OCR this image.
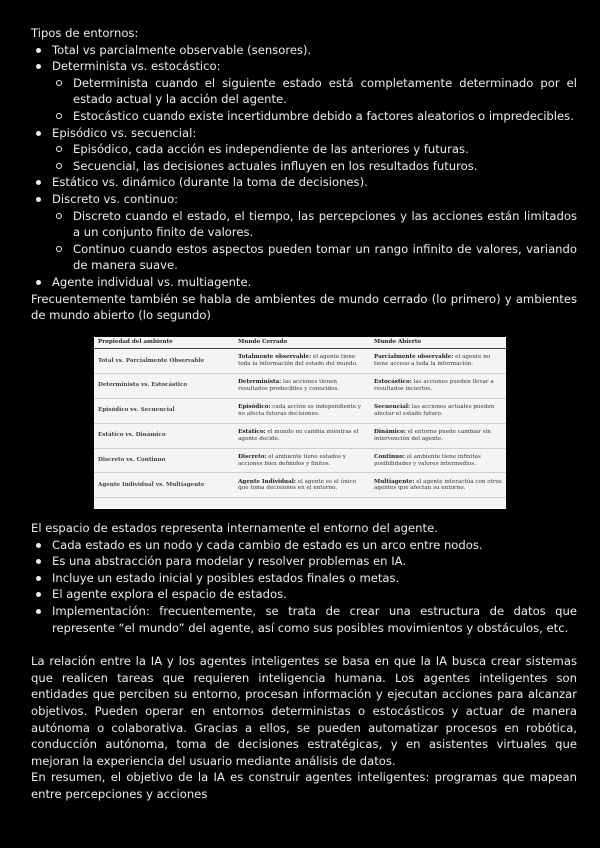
Tipos de entornos:

Total vs parcialmente observable (sensores).
Determinista vs. estocástico:
Determinista cuando el siguiente estado está completamente determinado por el estado actual y la acción del agente.
Estocástico cuando existe incertidumbre debido a factores aleatorios o impredecibles.
Episódico vs. secuencial:
Episódico, cada acción es independiente de las anteriores y futuras.
Secuencial, las decisiones actuales influyen en los resultados futuros.
Estático vs. dinámico (durante la toma de decisiones).
Discreto vs. continuo:
Discreto cuando el estado, el tiempo, las percepciones y las acciones están limitados a un conjunto finito de valores.
Continuo cuando estos aspectos pueden tomar un rango infinito de valores, variando de manera suave.
Agente individual vs. multiagente.

Frecuentemente también se habla de ambientes de mundo cerrado (lo primero) y ambientes de mundo abierto (lo segundo)

Propiedad del ambiente	Mundo Cerrado	Mundo Abierto
Total vs. Parcialmente Observable	Totalmente observable: el agente tiene toda la información del estado del mundo.	Parcialmente observable: el agente no tiene acceso a toda la información.
Determinista vs. Estocástico	Determinista: las acciones tienen resultados predecibles y conocidos.	Estocástico: las acciones pueden llevar a resultados inciertos.
Episódico vs. Secuencial	Episódico: cada acción es independiente y no afecta futuras decisiones.	Secuencial: las acciones actuales pueden afectar el estado futuro.
Estático vs. Dinámico	Estático: el mundo no cambia mientras el agente decide.	Dinámico: el entorno puede cambiar sin intervención del agente.
Discreto vs. Continuo	Discreto: el ambiente tiene estados y acciones bien definidos y finitos.	Continuo: el ambiente tiene infinitas posibilidades y valores intermedios.
Agente Individual vs. Multiagente	Agente Individual: el agente es el único que toma decisiones en el entorno.	Multiagente: el agente interactúa con otros agentes que afectan su entorno.

El espacio de estados representa internamente el entorno del agente.

Cada estado es un nodo y cada cambio de estado es un arco entre nodos.
Es una abstracción para modelar y resolver problemas en IA.
Incluye un estado inicial y posibles estados finales o metas.
El agente explora el espacio de estados.
Implementación: frecuentemente, se trata de crear una estructura de datos que represente “el mundo” del agente, así como sus posibles movimientos y obstáculos, etc.

La relación entre la IA y los agentes inteligentes se basa en que la IA busca crear sistemas que realicen tareas que requieren inteligencia humana. Los agentes inteligentes son entidades que perciben su entorno, procesan información y ejecutan acciones para alcanzar objetivos. Pueden operar en entornos deterministas o estocásticos y actuar de manera autónoma o colaborativa. Gracias a ellos, se pueden automatizar procesos en robótica, conducción autónoma, toma de decisiones estratégicas, y en asistentes virtuales que mejoran la experiencia del usuario mediante análisis de datos.

En resumen, el objetivo de la IA es construir agentes inteligentes: programas que mapean entre percepciones y acciones
